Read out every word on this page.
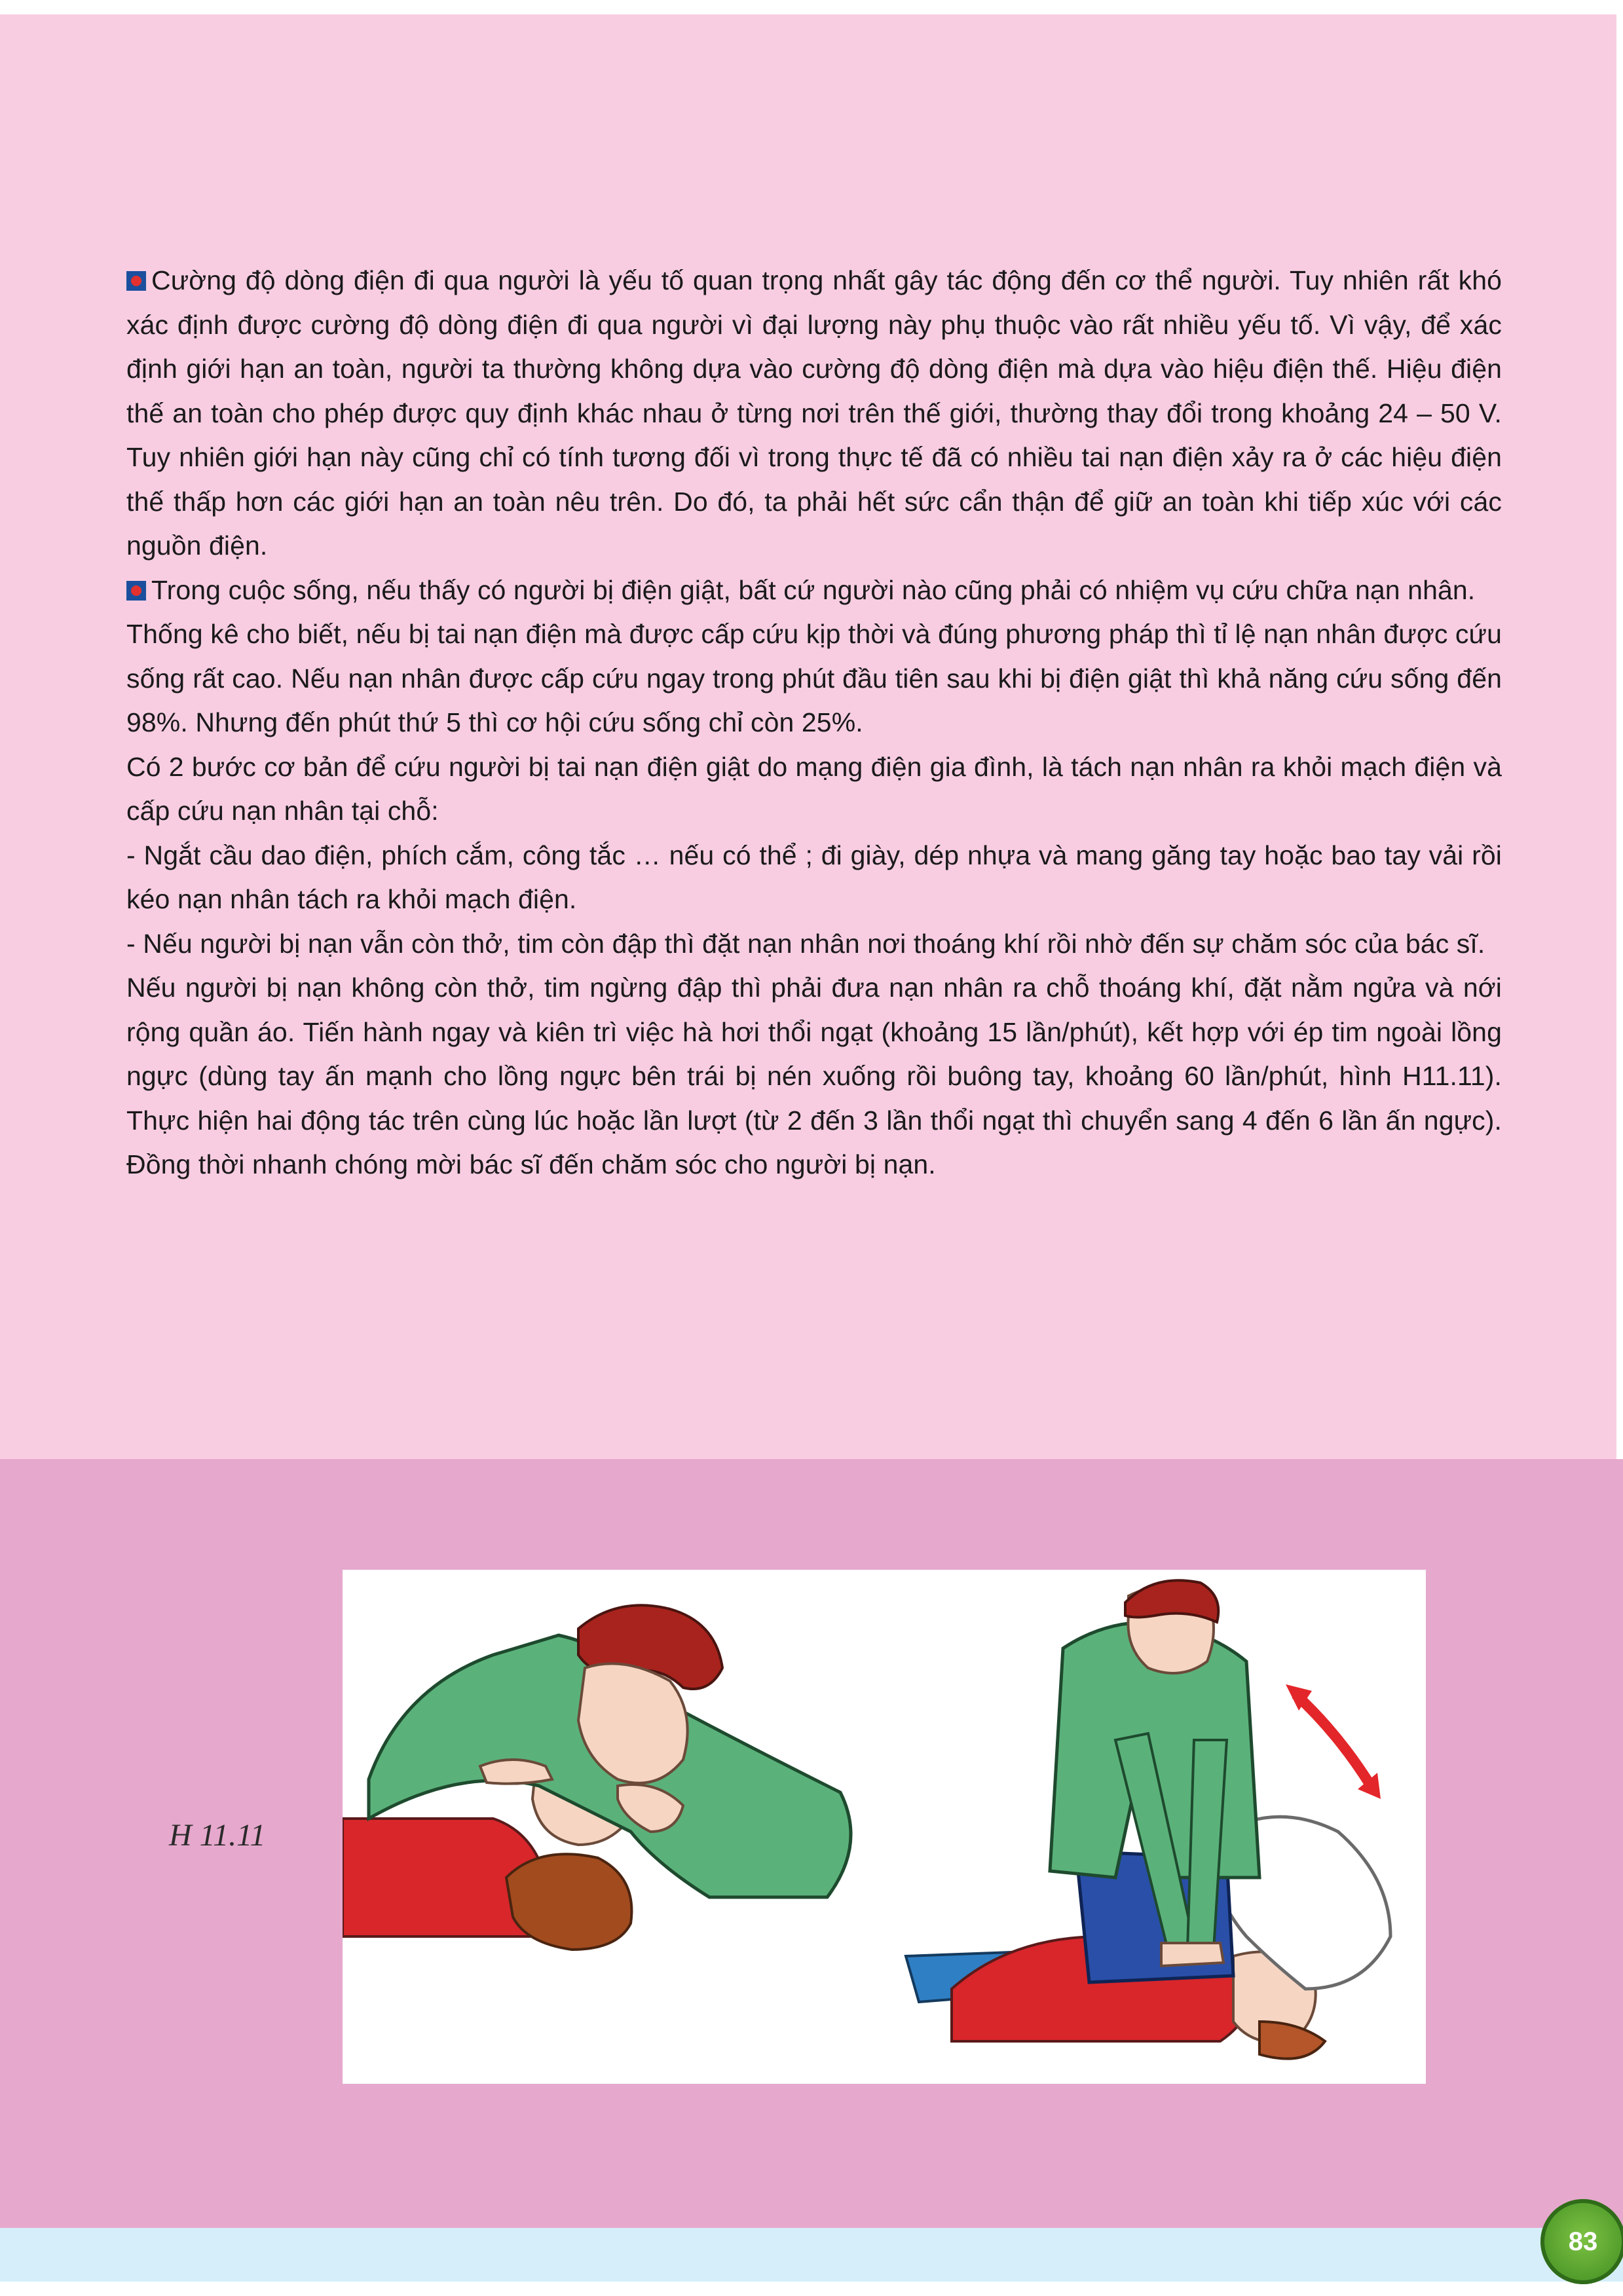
Cường độ dòng điện đi qua người là yếu tố quan trọng nhất gây tác động đến cơ thể người. Tuy nhiên rất khó xác định được cường độ dòng điện đi qua người vì đại lượng này phụ thuộc vào rất nhiều yếu tố. Vì vậy, để xác định giới hạn an toàn, người ta thường không dựa vào cường độ dòng điện mà dựa vào hiệu điện thế. Hiệu điện thế an toàn cho phép được quy định khác nhau ở từng nơi trên thế giới, thường thay đổi trong khoảng 24 – 50 V. Tuy nhiên giới hạn này cũng chỉ có tính tương đối vì trong thực tế đã có nhiều tai nạn điện xảy ra ở các hiệu điện thế thấp hơn các giới hạn an toàn nêu trên. Do đó, ta phải hết sức cẩn thận để giữ an toàn khi tiếp xúc với các nguồn điện.

Trong cuộc sống, nếu thấy có người bị điện giật, bất cứ người nào cũng phải có nhiệm vụ cứu chữa nạn nhân.

Thống kê cho biết, nếu bị tai nạn điện mà được cấp cứu kịp thời và đúng phương pháp thì tỉ lệ nạn nhân được cứu sống rất cao. Nếu nạn nhân được cấp cứu ngay trong phút đầu tiên sau khi bị điện giật thì khả năng cứu sống đến 98%. Nhưng đến phút thứ 5 thì cơ hội cứu sống chỉ còn 25%.

Có 2 bước cơ bản để cứu người bị tai nạn điện giật do mạng điện gia đình, là tách nạn nhân ra khỏi mạch điện và cấp cứu nạn nhân tại chỗ:

- Ngắt cầu dao điện, phích cắm, công tắc … nếu có thể ; đi giày, dép nhựa và mang găng tay hoặc bao tay vải rồi kéo nạn nhân tách ra khỏi mạch điện.

- Nếu người bị nạn vẫn còn thở, tim còn đập thì đặt nạn nhân nơi thoáng khí rồi nhờ đến sự chăm sóc của bác sĩ.

Nếu người bị nạn không còn thở, tim ngừng đập thì phải đưa nạn nhân ra chỗ thoáng khí, đặt nằm ngửa và nới rộng quần áo. Tiến hành ngay và kiên trì việc hà hơi thổi ngạt (khoảng 15 lần/phút), kết hợp với ép tim ngoài lồng ngực (dùng tay ấn mạnh cho lồng ngực bên trái bị nén xuống rồi buông tay, khoảng 60 lần/phút, hình H11.11). Thực hiện hai động tác trên cùng lúc hoặc lần lượt (từ 2 đến 3 lần thổi ngạt thì chuyển sang 4 đến 6 lần ấn ngực). Đồng thời nhanh chóng mời bác sĩ đến chăm sóc cho người bị nạn.

H 11.11
83
